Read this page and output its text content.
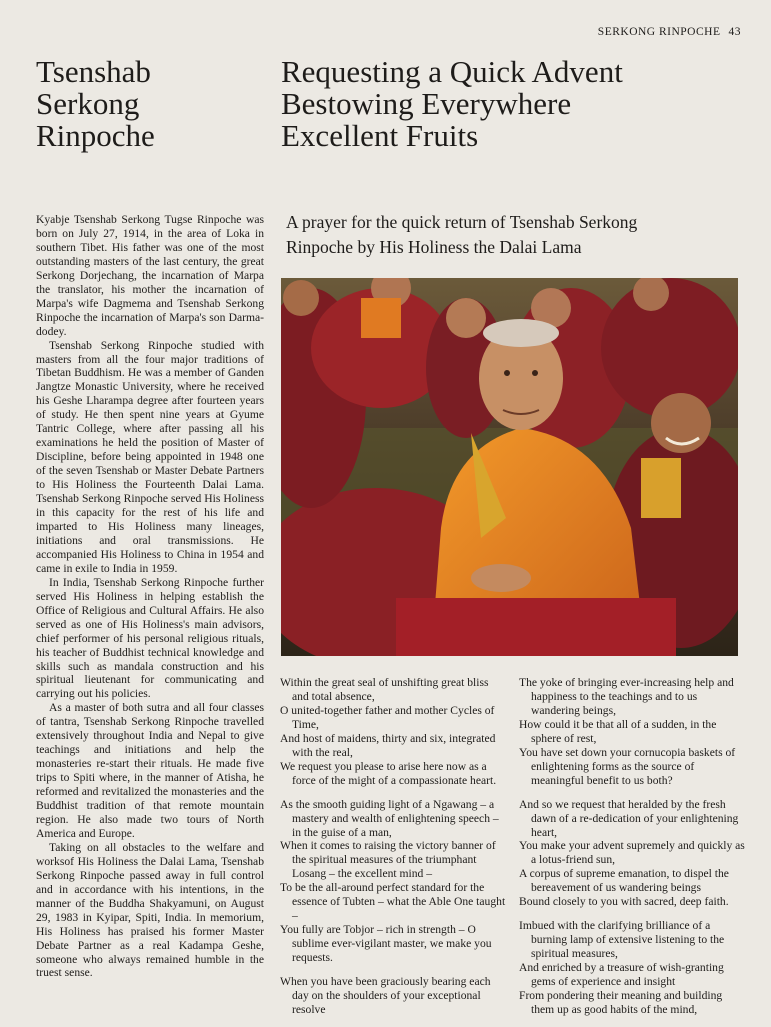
SERKONG RINPOCHE 43
Tsenshab
Serkong
Rinpoche
Requesting a Quick Advent
Bestowing Everywhere
Excellent Fruits
A prayer for the quick return of Tsenshab Serkong
Rinpoche by His Holiness the Dalai Lama

Kyabje Tsenshab Serkong Tugse Rinpoche was born on July 27, 1914, in the area of Loka in southern Tibet. His father was one of the most outstanding masters of the last century, the great Serkong Dorjechang, the incarnation of Marpa the translator, his mother the incarnation of Marpa's wife Dagmema and Tsenshab Serkong Rinpoche the incarnation of Marpa's son Darma-dodey.

Tsenshab Serkong Rinpoche studied with masters from all the four major traditions of Tibetan Buddhism. He was a member of Ganden Jangtze Monastic University, where he received his Geshe Lharampa degree after fourteen years of study. He then spent nine years at Gyume Tantric College, where after passing all his examinations he held the position of Master of Discipline, before being appointed in 1948 one of the seven Tsenshab or Master Debate Partners to His Holiness the Fourteenth Dalai Lama. Tsenshab Serkong Rinpoche served His Holiness in this capacity for the rest of his life and imparted to His Holiness many lineages, initiations and oral transmissions. He accompanied His Holiness to China in 1954 and came in exile to India in 1959.

In India, Tsenshab Serkong Rinpoche further served His Holiness in helping establish the Office of Religious and Cultural Affairs. He also served as one of His Holiness's main advisors, chief performer of his personal religious rituals, his teacher of Buddhist technical knowledge and skills such as mandala construction and his spiritual lieutenant for communicating and carrying out his policies.

As a master of both sutra and all four classes of tantra, Tsenshab Serkong Rinpoche travelled extensively throughout India and Nepal to give teachings and initiations and help the monasteries re-start their rituals. He made five trips to Spiti where, in the manner of Atisha, he reformed and revitalized the monasteries and the Buddhist tradition of that remote mountain region. He also made two tours of North America and Europe.

Taking on all obstacles to the welfare and worksof His Holiness the Dalai Lama, Tsenshab Serkong Rinpoche passed away in full control and in accordance with his intentions, in the manner of the Buddha Shakyamuni, on August 29, 1983 in Kyipar, Spiti, India. In memorium, His Holiness has praised his former Master Debate Partner as a real Kadampa Geshe, someone who always remained humble in the truest sense.

Within the great seal of unshifting great bliss and total absence,
O united-together father and mother Cycles of Time,
And host of maidens, thirty and six, integrated with the real,
We request you please to arise here now as a force of the might of a compassionate heart.
As the smooth guiding light of a Ngawang – a mastery and wealth of enlightening speech – in the guise of a man,
When it comes to raising the victory banner of the spiritual measures of the triumphant Losang – the excellent mind –
To be the all-around perfect standard for the essence of Tubten – what the Able One taught –
You fully are Tobjor – rich in strength – O sublime ever-vigilant master, we make you requests.
When you have been graciously bearing each day on the shoulders of your exceptional resolve
The yoke of bringing ever-increasing help and happiness to the teachings and to us wandering beings,
How could it be that all of a sudden, in the sphere of rest,
You have set down your cornucopia baskets of enlightening forms as the source of meaningful benefit to us both?
And so we request that heralded by the fresh dawn of a re-dedication of your enlightening heart,
You make your advent supremely and quickly as a lotus-friend sun,
A corpus of supreme emanation, to dispel the bereavement of us wandering beings
Bound closely to you with sacred, deep faith.
Imbued with the clarifying brilliance of a burning lamp of extensive listening to the spiritual measures,
And enriched by a treasure of wish-granting gems of experience and insight
From pondering their meaning and building them up as good habits of the mind,
